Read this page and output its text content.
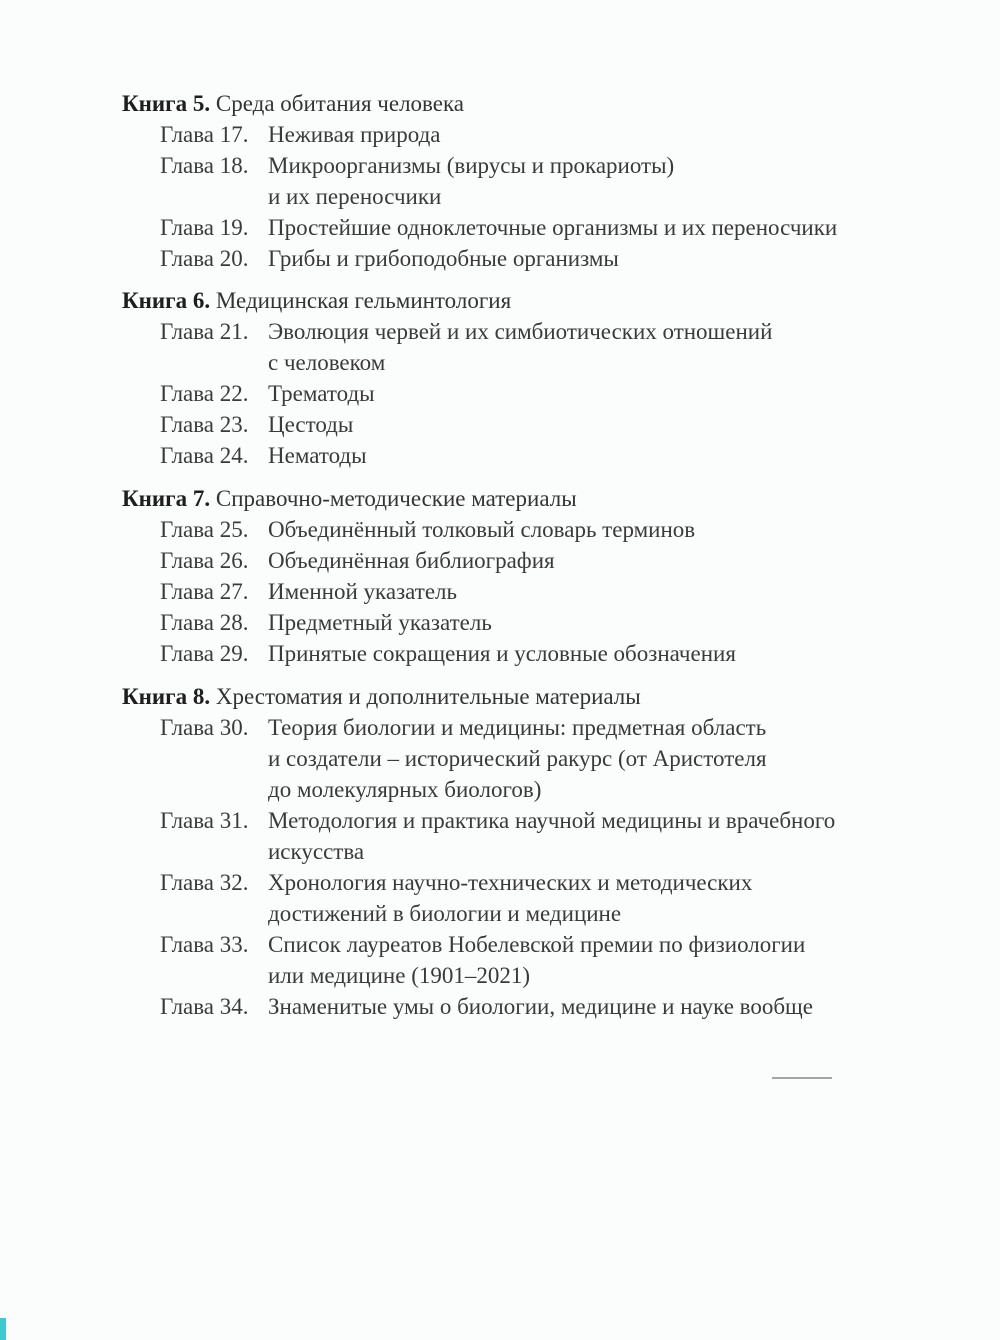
Книга 5. Среда обитания человека
Глава 17. Неживая природа
Глава 18. Микроорганизмы (вирусы и прокариоты)
и их переносчики
Глава 19. Простейшие одноклеточные организмы и их переносчики
Глава 20. Грибы и грибоподобные организмы
Книга 6. Медицинская гельминтология
Глава 21. Эволюция червей и их симбиотических отношений
с человеком
Глава 22. Трематоды
Глава 23. Цестоды
Глава 24. Нематоды
Книга 7. Справочно-методические материалы
Глава 25. Объединённый толковый словарь терминов
Глава 26. Объединённая библиография
Глава 27. Именной указатель
Глава 28. Предметный указатель
Глава 29. Принятые сокращения и условные обозначения
Книга 8. Хрестоматия и дополнительные материалы
Глава 30. Теория биологии и медицины: предметная область
и создатели – исторический ракурс (от Аристотеля
до молекулярных биологов)
Глава 31. Методология и практика научной медицины и врачебного
искусства
Глава 32. Хронология научно-технических и методических
достижений в биологии и медицине
Глава 33. Список лауреатов Нобелевской премии по физиологии
или медицине (1901–2021)
Глава 34. Знаменитые умы о биологии, медицине и науке вообще
